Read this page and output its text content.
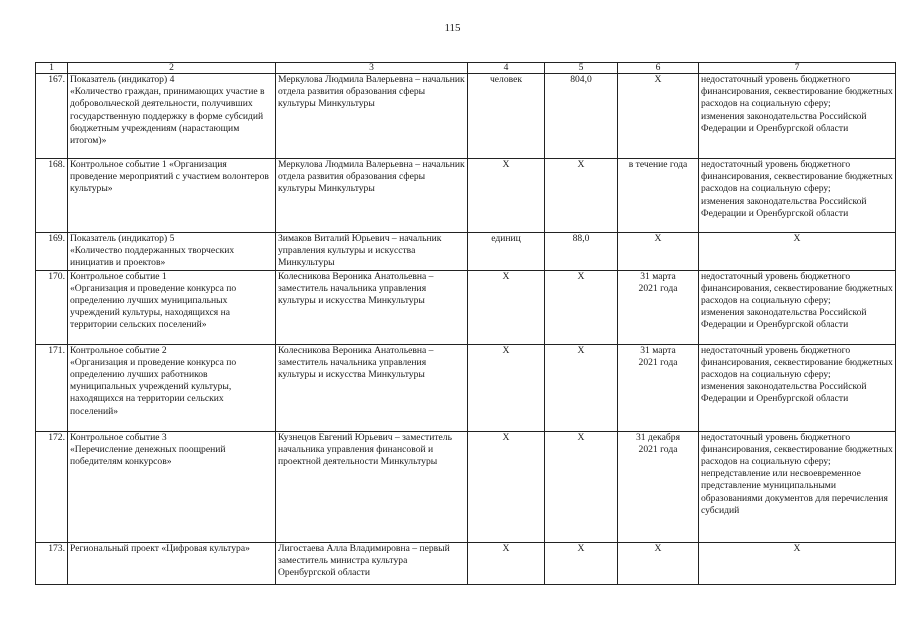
115
1	2	3	4	5	6	7
167.	Показатель (индикатор) 4
«Количество граждан, принимающих участие в добровольческой деятельности, получивших государственную поддержку в форме субсидий бюджетным учреждениям (нарастающим итогом)»	Меркулова Людмила Валерьевна – начальник отдела развития образования сферы культуры Минкультуры	человек	804,0	X	недостаточный уровень бюджетного финансирования, секвестирование бюджетных расходов на социальную сферу;
изменения законодательства Российской Федерации и Оренбургской области
168.	Контрольное событие 1 «Организация проведение мероприятий с участием волонтеров культуры»	Меркулова Людмила Валерьевна – начальник отдела развития образования сферы культуры Минкультуры	X	X	в течение года	недостаточный уровень бюджетного финансирования, секвестирование бюджетных расходов на социальную сферу;
изменения законодательства Российской Федерации и Оренбургской области
169.	Показатель (индикатор) 5
«Количество поддержанных творческих инициатив и проектов»	Зимаков Виталий Юрьевич – начальник управления культуры и искусства Минкультуры	единиц	88,0	X	X
170.	Контрольное событие 1
«Организация и проведение конкурса по определению лучших муниципальных учреждений культуры, находящихся на территории сельских поселений»	Колесникова Вероника Анатольевна – заместитель начальника управления культуры и искусства Минкультуры	X	X	31 марта
2021 года	недостаточный уровень бюджетного финансирования, секвестирование бюджетных расходов на социальную сферу;
изменения законодательства Российской Федерации и Оренбургской области
171.	Контрольное событие 2
«Организация и проведение конкурса по определению лучших работников муниципальных учреждений культуры, находящихся на территории сельских поселений»	Колесникова Вероника Анатольевна – заместитель начальника управления культуры и искусства Минкультуры	X	X	31 марта
2021 года	недостаточный уровень бюджетного финансирования, секвестирование бюджетных расходов на социальную сферу;
изменения законодательства Российской Федерации и Оренбургской области
172.	Контрольное событие 3
«Перечисление денежных поощрений победителям конкурсов»	Кузнецов Евгений Юрьевич – заместитель начальника управления финансовой и проектной деятельности Минкультуры	X	X	31 декабря
2021 года	недостаточный уровень бюджетного финансирования, секвестирование бюджетных расходов на социальную сферу;
непредставление или несвоевременное представление муниципальными образованиями документов для перечисления субсидий
173.	Региональный проект «Цифровая культура»	Лигостаева Алла Владимировна – первый заместитель министра культура Оренбургской области	X	X	X	X
